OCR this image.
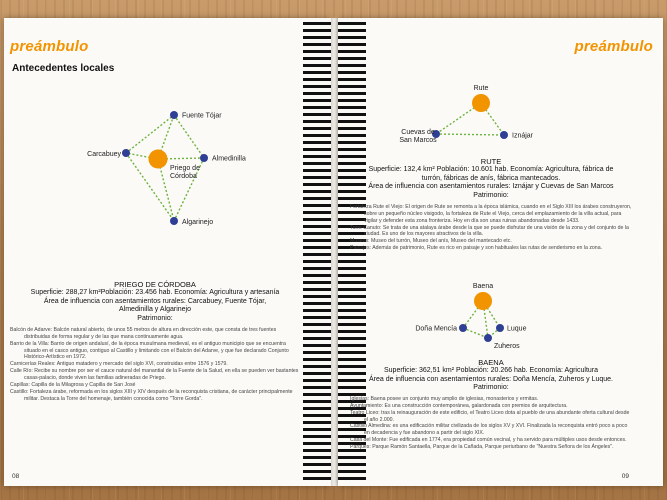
preámbulo
Antecedentes locales
Fuente Tójar
Almedinilla
Algarinejo
Carcabuey
Priego de
Córdoba
PRIEGO DE CÓRDOBA
Superficie: 288,27 km²Población: 23.456 hab. Economía: Agricultura y artesanía
Área de influencia con asentamientos rurales: Carcabuey, Fuente Tójar,
Almedinilla y Algarinejo
Patrimonio:
Balcón de Adarve: Balcón natural abierto, de unos 55 metros de altura en dirección este, que consta de tres fuentes distribuidas de forma regular y de las que mana continuamente agua.
Barrio de la Villa: Barrio de origen andalusí, de la época musulmana medieval, es el antiguo municipio que se encuentra situado en el casco antiguo, contiguo al Castillo y limitando con el Balcón del Adarve, y que fue declarado Conjunto Histórico-Artístico en 1972.
Carnicerías Reales: Antiguo matadero y mercado del siglo XVI, construidas entre 1576 y 1579.
Calle Río: Recibe su nombre por ser el cauce natural del manantial de la Fuente de la Salud, en ella se pueden ver bastantes casas-palacio, donde viven las familias adineradas de Priego.
Capillas: Capilla de la Milagrosa y Capilla de San José
Castillo: Fortaleza árabe, reformada en los siglos XIII y XIV después de la reconquista cristiana, de carácter principalmente militar. Destaca la Torre del homenaje, también conocida como "Torre Gorda".
08
preámbulo
Rute
Cuevas de
San Marcos
Iznájar
RUTE
Superficie: 132,4 km² Población: 10.601 hab. Economía: Agricultura, fábrica de
turrón, fábricas de anís, fábrica mantecados.
Área de influencia con asentamientos rurales: Iznájar y Cuevas de San Marcos
Patrimonio:
Fortaleza Rute el Viejo: El origen de Rute se remonta a la época islámica, cuando en el Siglo XIII los árabes construyeron, sobre un pequeño núcleo visigodo, la fortaleza de Rute el Viejo, cerca del emplazamiento de la villa actual, para vigilar y defender esta zona fronteriza. Hoy en día son unas ruinas abandonadas desde 1433.
Torre Canuto: Se trata de una atalaya árabe desde la que se puede disfrutar de una visión de la zona y del conjunto de la ciudad. Es uno de los mayores atractivos de la villa.
Museos: Museo del turrón, Museo del anís, Museo del mantecado etc.
Paisajes: Además de patrimonio, Rute es rico en paisaje y son habituales las rutas de senderismo en la zona.
Baena
Doña Mencía	Luque
Zuheros
BAENA
Superficie: 362,51 km² Población: 20.266 hab. Economía: Agricultura
Área de influencia con asentamientos rurales: Doña Mencía, Zuheros y Luque.
Patrimonio:
Iglesias: Baena posee un conjunto muy amplio de iglesias, monasterios y ermitas.
Ayuntamiento: Es una construcción contemporánea, galardonada con premios de arquitectura.
Teatro Liceo: tras la reinauguración de este edificio, el Teatro Liceo dota al pueblo de una abundante oferta cultural desde el año 2.000.
Castillo Almedina: es una edificación militar civilizada de los siglos XV y XVI. Finalizada la reconquista entró poco a poco en decadencia y fue abandono a partir del siglo XIX.
Casa del Monte: Fue edificada en 1774, era propiedad común vecinal, y ha servido para múltiples usos desde entonces.
Parques: Parque Ramón Santaella, Parque de la Cañada, Parque periurbano de "Nuestra Señora de los Ángeles".
09
